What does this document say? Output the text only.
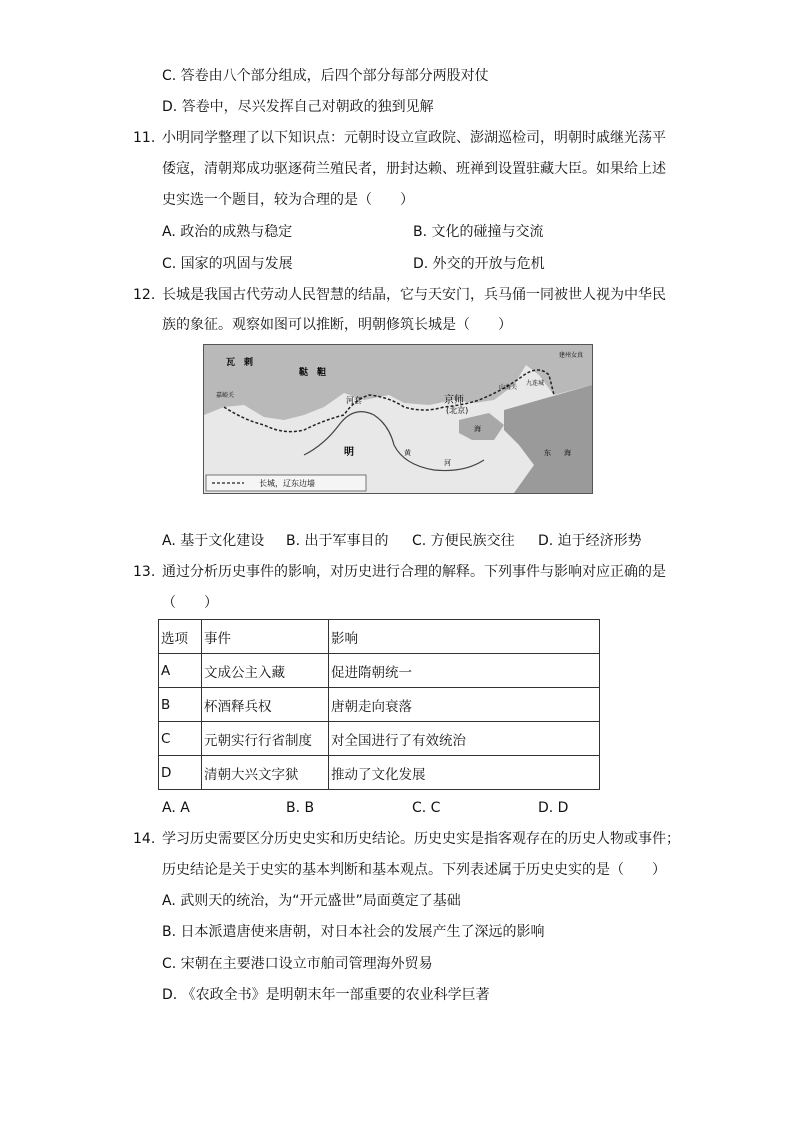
C. 答卷由八个部分组成，后四个部分每部分两股对仗
D. 答卷中，尽兴发挥自己对朝政的独到见解
11. 小明同学整理了以下知识点：元朝时设立宣政院、澎湖巡检司，明朝时戚继光荡平
倭寇，清朝郑成功驱逐荷兰殖民者，册封达赖、班禅到设置驻藏大臣。如果给上述
史实选一个题目，较为合理的是（　　）
A. 政治的成熟与稳定	B. 文化的碰撞与交流
C. 国家的巩固与发展	D. 外交的开放与危机
12. 长城是我国古代劳动人民智慧的结晶，它与天安门，兵马俑一同被世人视为中华民
族的象征。观察如图可以推断，明朝修筑长城是（　　）
长城，辽东边墙
瓦　剌
鞑　靼
河套	京师
(北京)
明
建州女真
嘉峪关
山海关
九连城
黄
河
海
东 海
A. 基于文化建设 B. 出于军事目的 C. 方便民族交往 D. 迫于经济形势
13. 通过分析历史事件的影响，对历史进行合理的解释。下列事件与影响对应正确的是
（　　）
选项	事件	影响
A	文成公主入藏	促进隋朝统一
B	杯酒释兵权	唐朝走向衰落
C	元朝实行行省制度	对全国进行了有效统治
D	清朝大兴文字狱	推动了文化发展
A. A	B. B	C. C	D. D
14. 学习历史需要区分历史史实和历史结论。历史史实是指客观存在的历史人物或事件；
历史结论是关于史实的基本判断和基本观点。下列表述属于历史史实的是（　　）
A. 武则天的统治，为“开元盛世”局面奠定了基础
B. 日本派遣唐使来唐朝，对日本社会的发展产生了深远的影响
C. 宋朝在主要港口设立市舶司管理海外贸易
D. 《农政全书》是明朝末年一部重要的农业科学巨著
